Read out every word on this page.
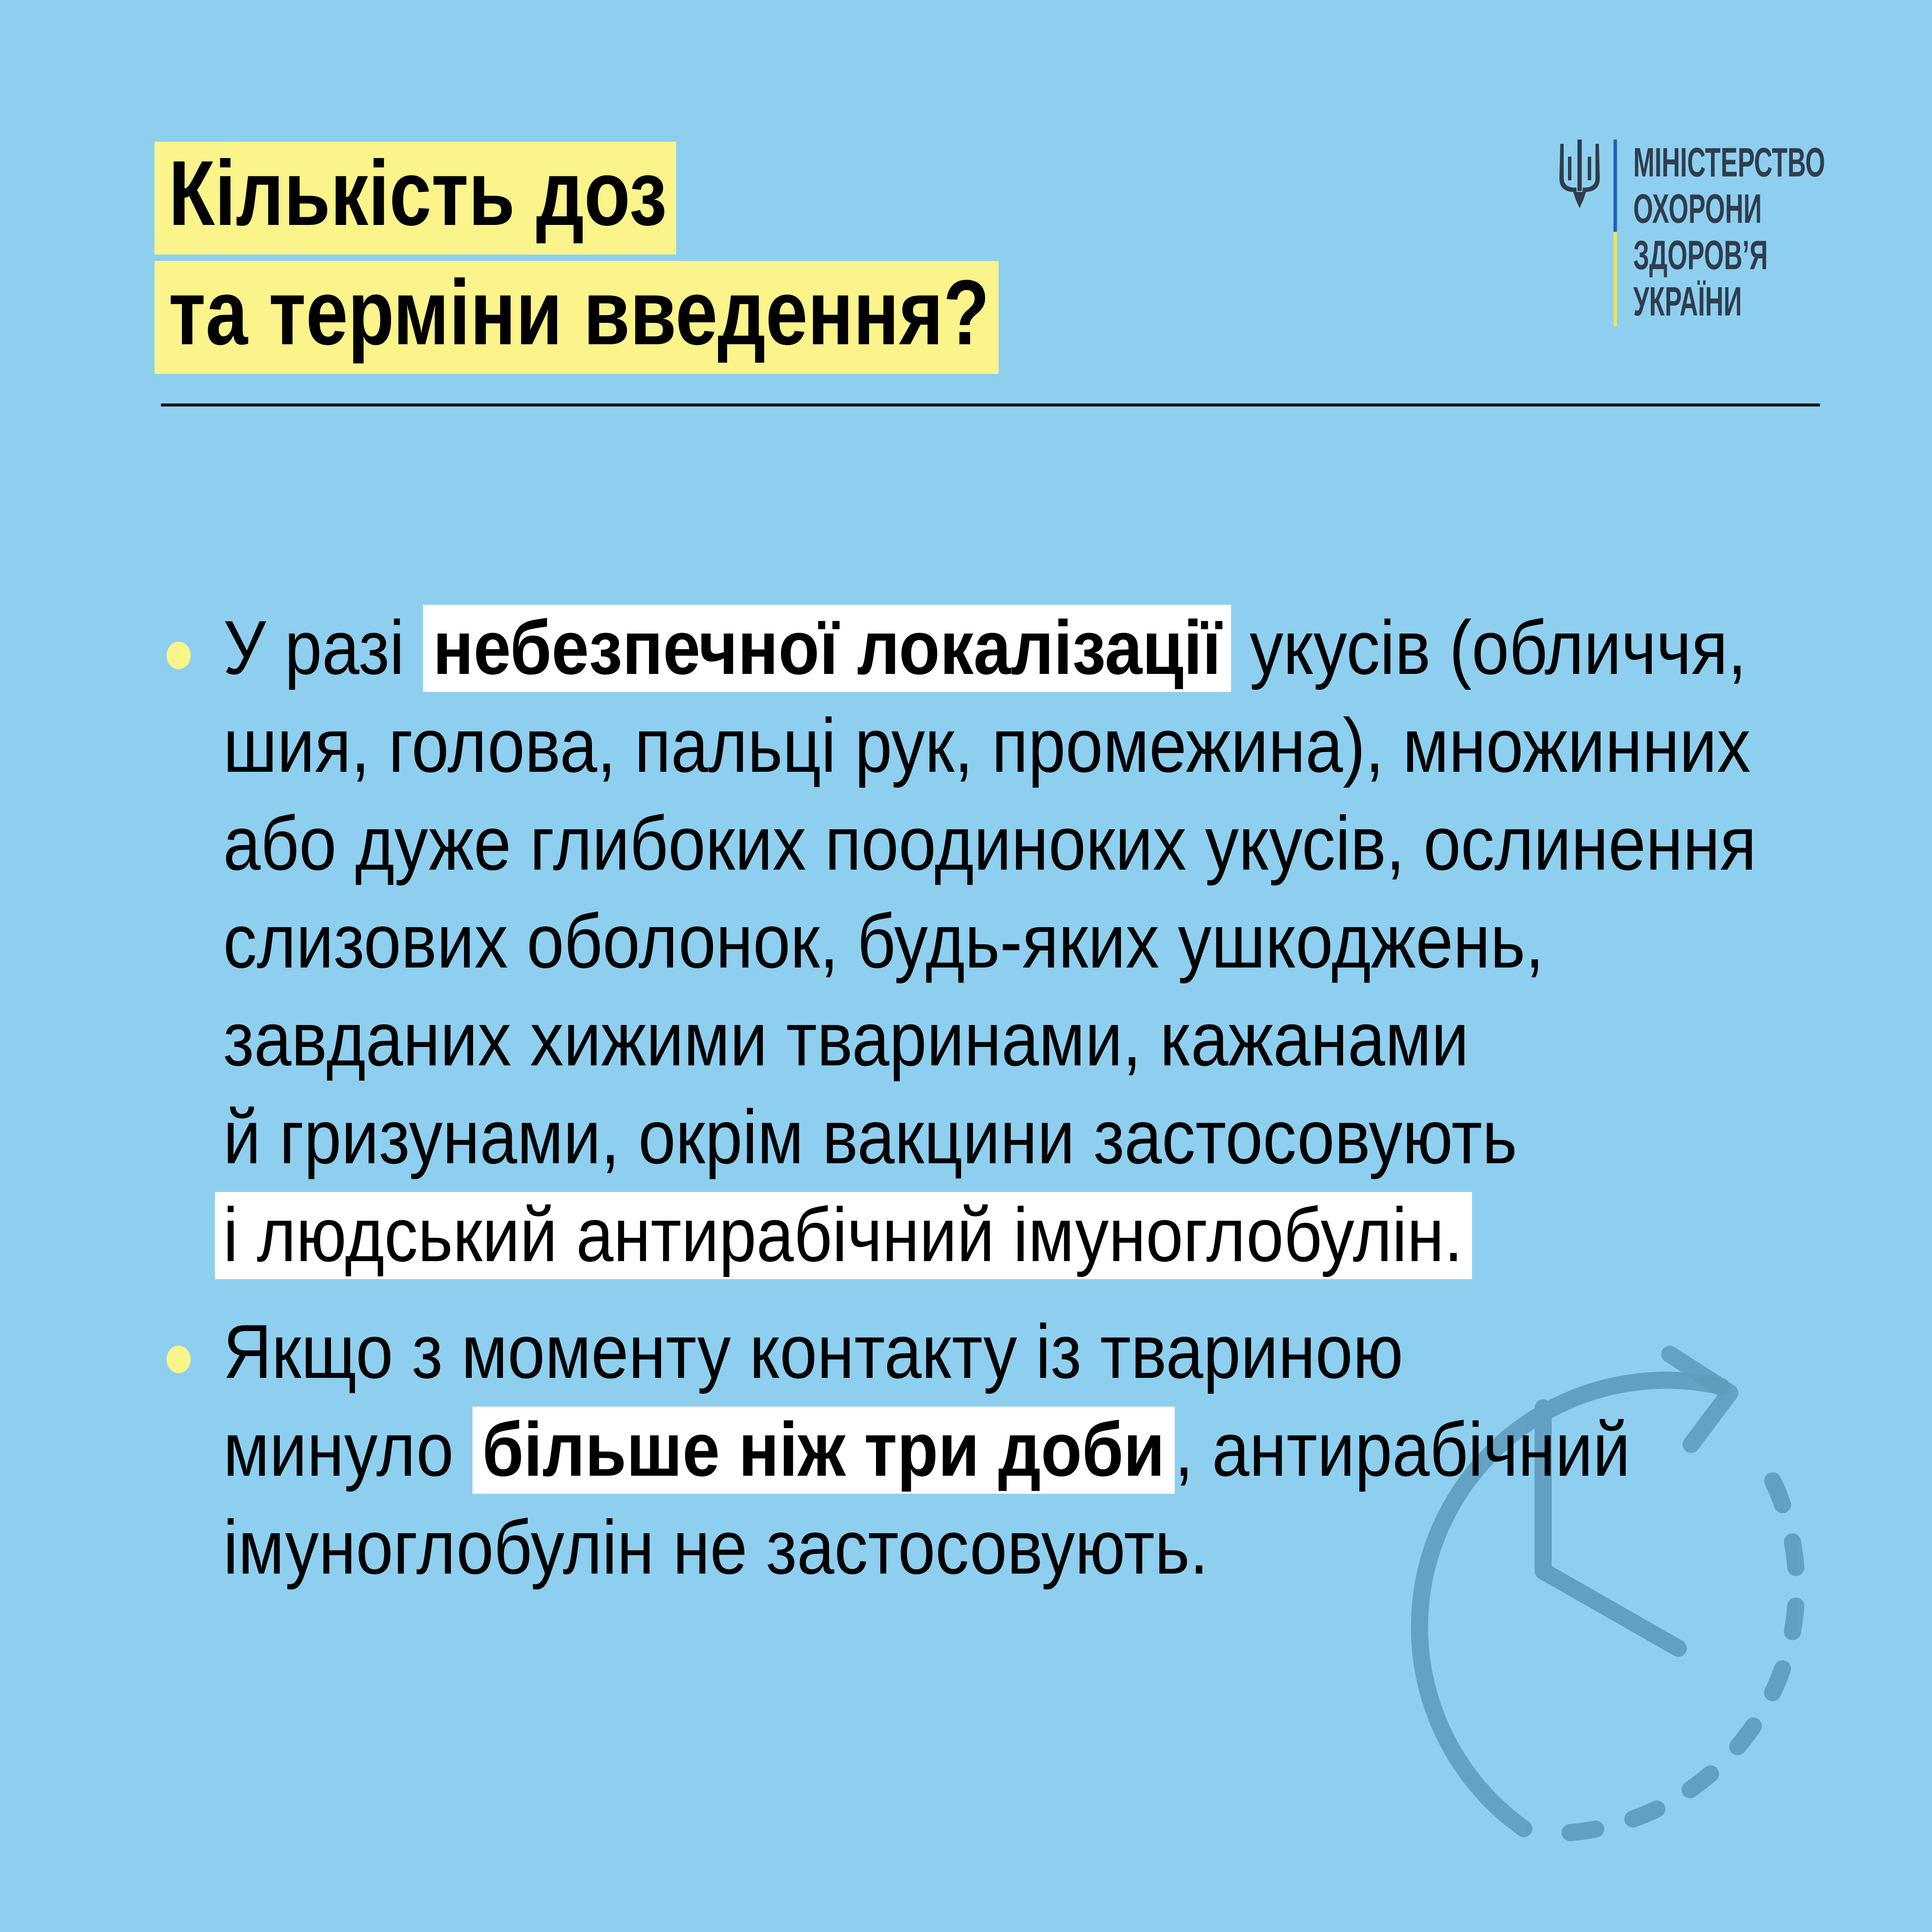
Кількість доз
та терміни введення?
МІНІСТЕРСТВО
ОХОРОНИ
ЗДОРОВ’Я
УКРАЇНИ
У разі небезпечної локалізації укусів (обличчя,
шия, голова, пальці рук, промежина), множинних
або дуже глибоких поодиноких укусів, ослинення
слизових оболонок, будь-яких ушкоджень,
завданих хижими тваринами, кажанами
й гризунами, окрім вакцини застосовують
і людський антирабічний імуноглобулін.
Якщо з моменту контакту із твариною
минуло більше ніж три доби , антирабічний
імуноглобулін не застосовують.
